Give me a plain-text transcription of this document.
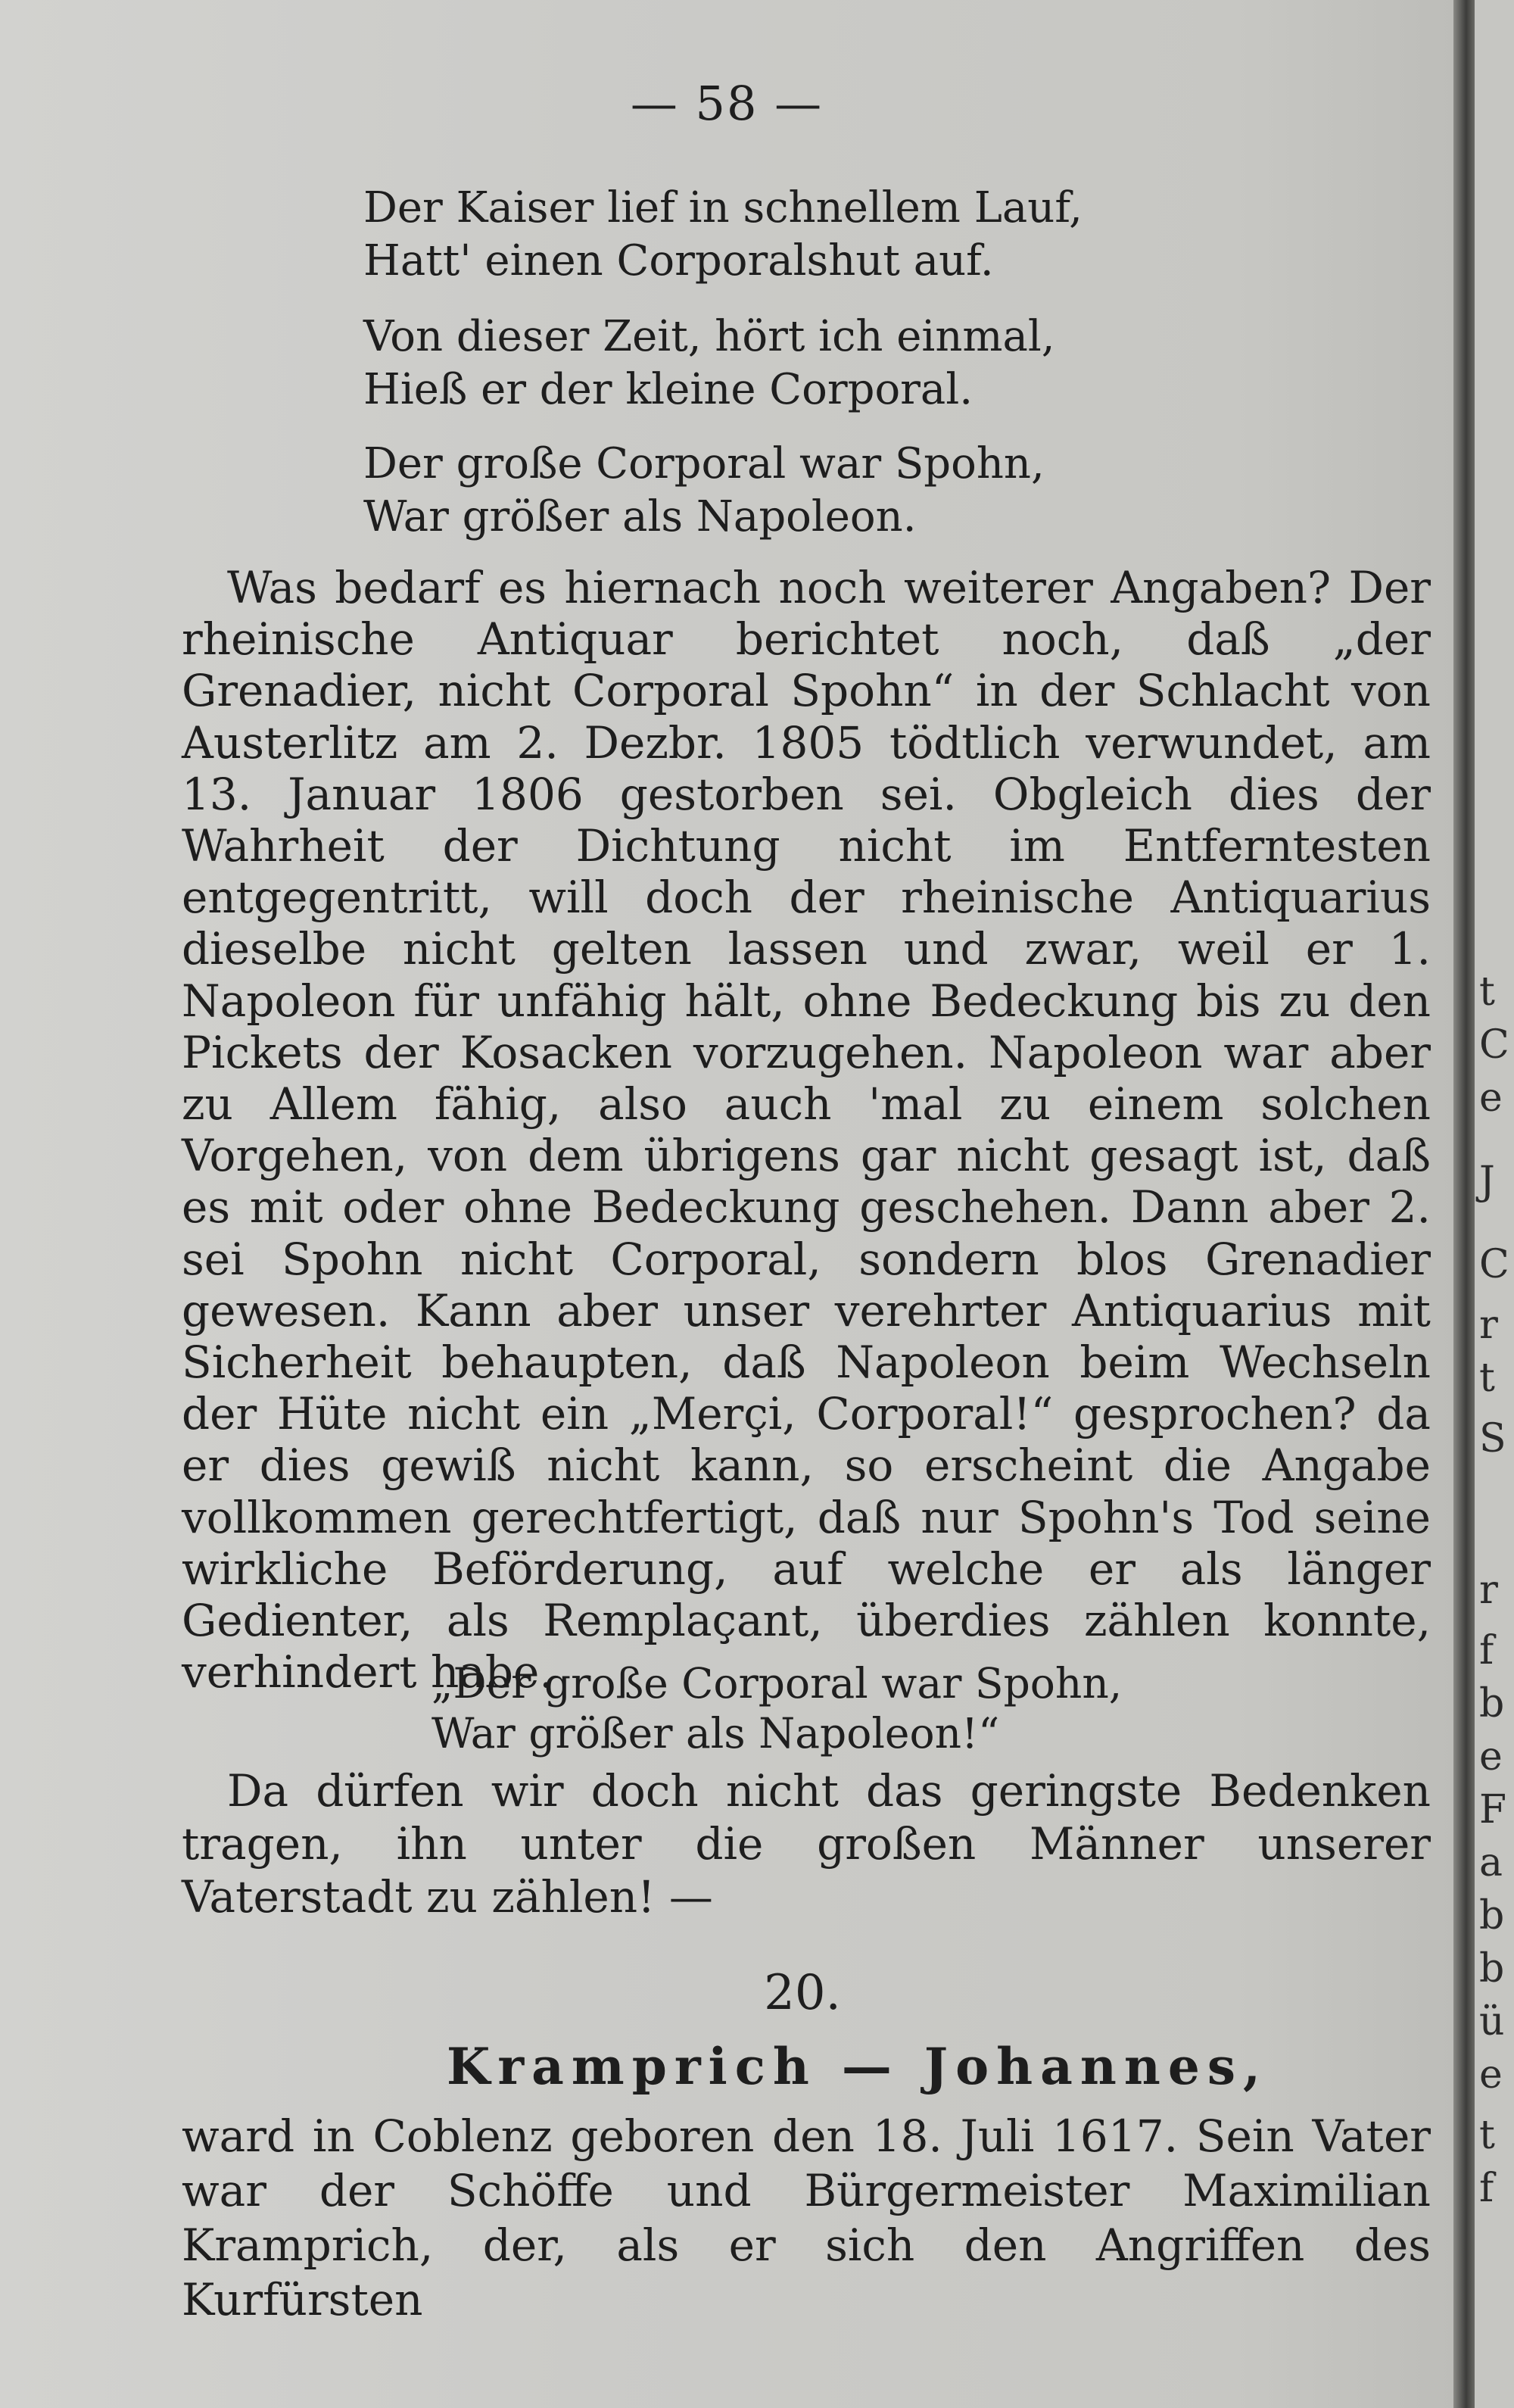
— 58 —
Der Kaiser lief in schnellem Lauf,
Hatt' einen Corporalshut auf.
Von dieser Zeit, hört ich einmal,
Hieß er der kleine Corporal.
Der große Corporal war Spohn,
War größer als Napoleon.
Was bedarf es hiernach noch weiterer Angaben? Der rheinische Antiquar berichtet noch, daß „der Grenadier, nicht Corporal Spohn“ in der Schlacht von Austerlitz am 2. Dezbr. 1805 tödtlich verwundet, am 13. Januar 1806 gestorben sei. Obgleich dies der Wahrheit der Dichtung nicht im Entferntesten entgegentritt, will doch der rheinische Antiquarius dieselbe nicht gelten lassen und zwar, weil er 1. Napoleon für unfähig hält, ohne Bedeckung bis zu den Pickets der Kosacken vorzugehen. Napoleon war aber zu Allem fähig, also auch 'mal zu einem solchen Vorgehen, von dem übrigens gar nicht gesagt ist, daß es mit oder ohne Bedeckung geschehen. Dann aber 2. sei Spohn nicht Corporal, sondern blos Grenadier gewesen. Kann aber unser verehrter Antiquarius mit Sicherheit behaupten, daß Napoleon beim Wechseln der Hüte nicht ein „Merçi, Corporal!“ gesprochen? da er dies gewiß nicht kann, so erscheint die Angabe vollkommen gerechtfertigt, daß nur Spohn's Tod seine wirkliche Beförderung, auf welche er als länger Gedienter, als Remplaçant, überdies zählen konnte, verhindert habe.
„Der große Corporal war Spohn,
War größer als Napoleon!“
Da dürfen wir doch nicht das geringste Bedenken tragen, ihn unter die großen Männer unserer Vaterstadt zu zählen! —
20.
Kramprich — Johannes,
ward in Coblenz geboren den 18. Juli 1617. Sein Vater war der Schöffe und Bürgermeister Maximilian Kramprich, der, als er sich den Angriffen des Kurfürsten
t
C
e
J
C
r
t
S
r
f
b
e
F
a
b
b
ü
e
t
f
